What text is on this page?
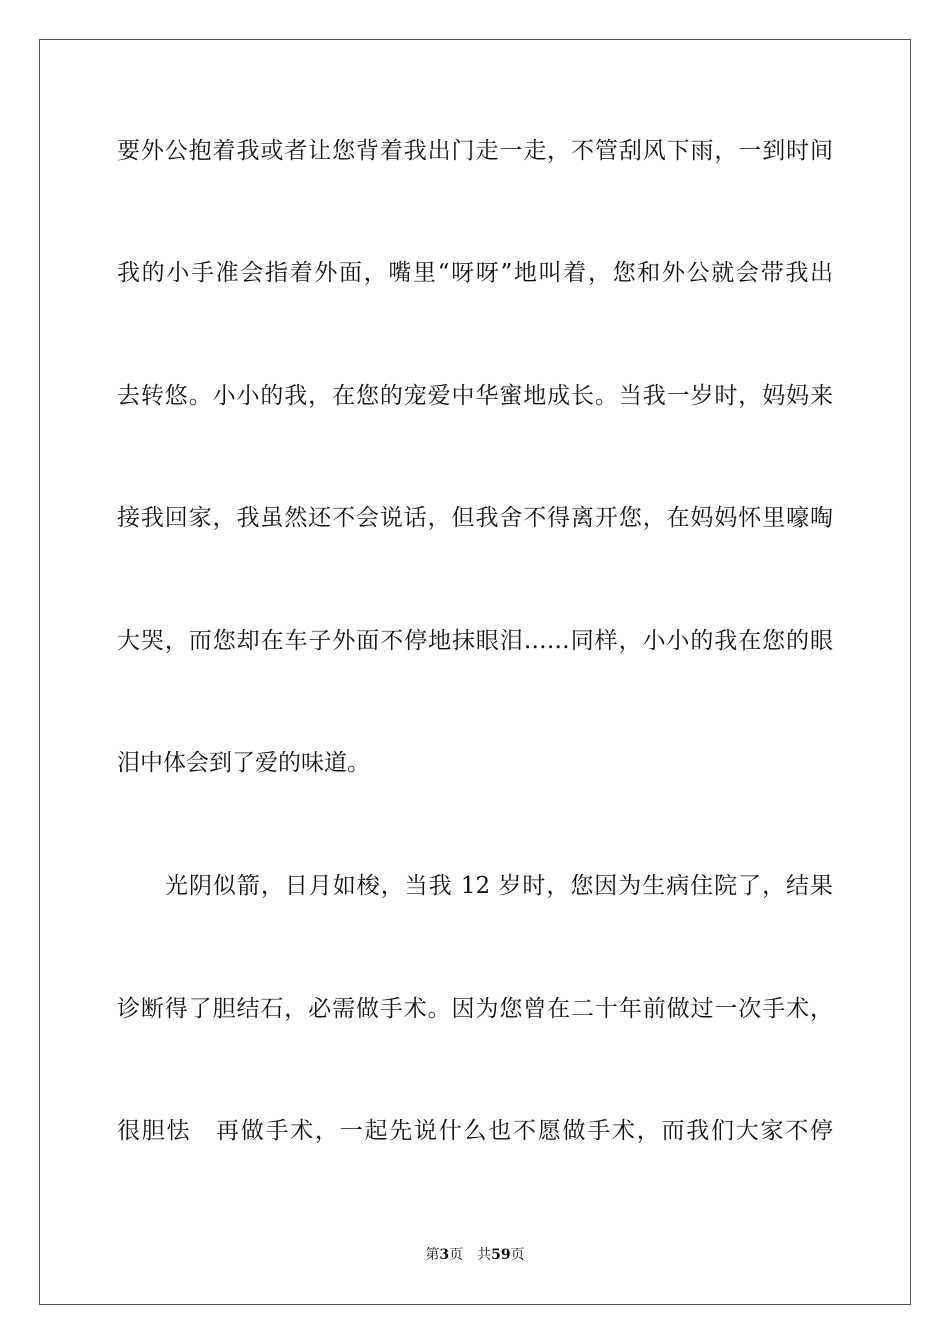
要外公抱着我或者让您背着我出门走一走，不管刮风下雨，一到时间
我的小手准会指着外面，嘴里“呀呀”地叫着，您和外公就会带我出
去转悠。小小的我，在您的宠爱中华蜜地成长。当我一岁时，妈妈来
接我回家，我虽然还不会说话，但我舍不得离开您，在妈妈怀里嚎啕
大哭，而您却在车子外面不停地抹眼泪……同样，小小的我在您的眼
泪中体会到了爱的味道。
光阴似箭，日月如梭，当我 12 岁时，您因为生病住院了，结果
诊断得了胆结石，必需做手术。因为您曾在二十年前做过一次手术，
很胆怯　再做手术，一起先说什么也不愿做手术，而我们大家不停
第3页 共59页
